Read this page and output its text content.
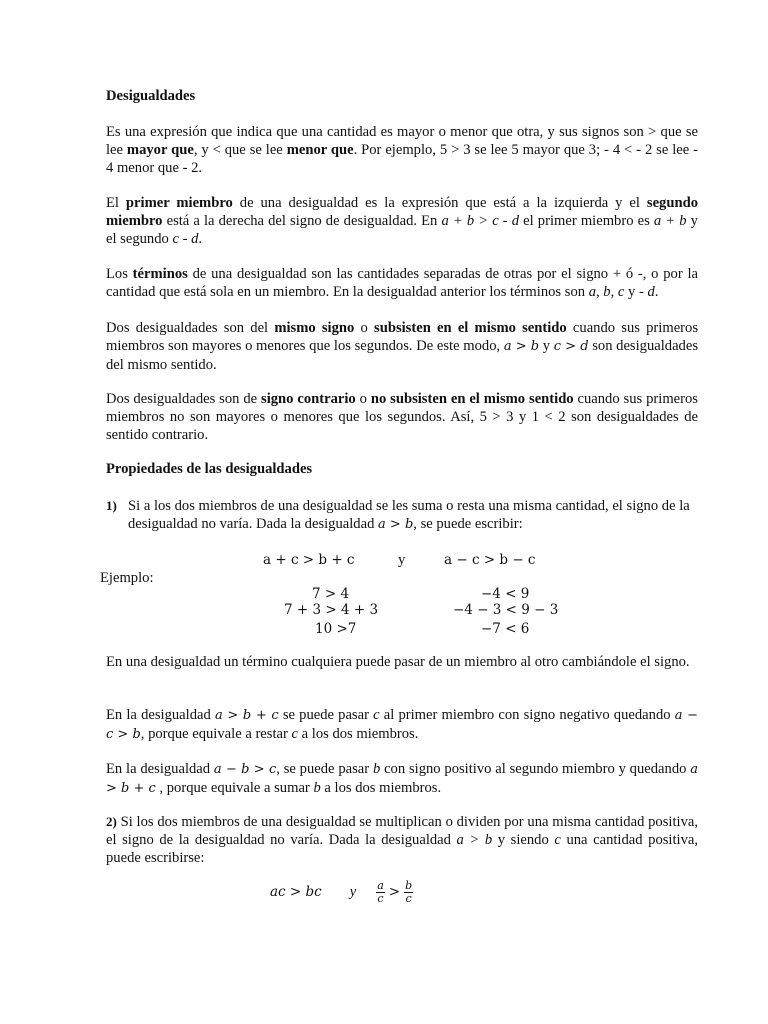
Desigualdades

Es una expresión que indica que una cantidad es mayor o menor que otra, y sus signos son > que se lee mayor que, y < que se lee menor que. Por ejemplo, 5 > 3 se lee 5 mayor que 3; - 4 < - 2 se lee - 4 menor que - 2.

El primer miembro de una desigualdad es la expresión que está a la izquierda y el segundo miembro está a la derecha del signo de desigualdad. En a + b > c - d el primer miembro es a + b y el segundo c - d.

Los términos de una desigualdad son las cantidades separadas de otras por el signo + ó -, o por la cantidad que está sola en un miembro. En la desigualdad anterior los términos son a, b, c y - d.

Dos desigualdades son del mismo signo o subsisten en el mismo sentido cuando sus primeros miembros son mayores o menores que los segundos. De este modo, a > b y c > d son desigualdades del mismo sentido.

Dos desigualdades son de signo contrario o no subsisten en el mismo sentido cuando sus primeros miembros no son mayores o menores que los segundos. Así, 5 > 3 y 1 < 2 son desigualdades de sentido contrario.

Propiedades de las desigualdades

1) Si a los dos miembros de una desigualdad se les suma o resta una misma cantidad, el signo de la desigualdad no varía. Dada la desigualdad a > b, se puede escribir:

a + c > b + c	y	a − c > b − c
Ejemplo:
7 > 4
7 + 3 > 4 + 3
10 >7
−4 < 9
−4 − 3 < 9 − 3
−7 < 6

En una desigualdad un término cualquiera puede pasar de un miembro al otro cambiándole el signo.

En la desigualdad a > b + c se puede pasar c al primer miembro con signo negativo quedando a − c > b, porque equivale a restar c a los dos miembros.

En la desigualdad a − b > c, se puede pasar b con signo positivo al segundo miembro y quedando a > b + c , porque equivale a sumar b a los dos miembros.

2) Si los dos miembros de una desigualdad se multiplican o dividen por una misma cantidad positiva, el signo de la desigualdad no varía. Dada la desigualdad a > b y siendo c una cantidad positiva, puede escribirse:

ac > bc y $\frac{a}{c} > \frac{b}{c}$
